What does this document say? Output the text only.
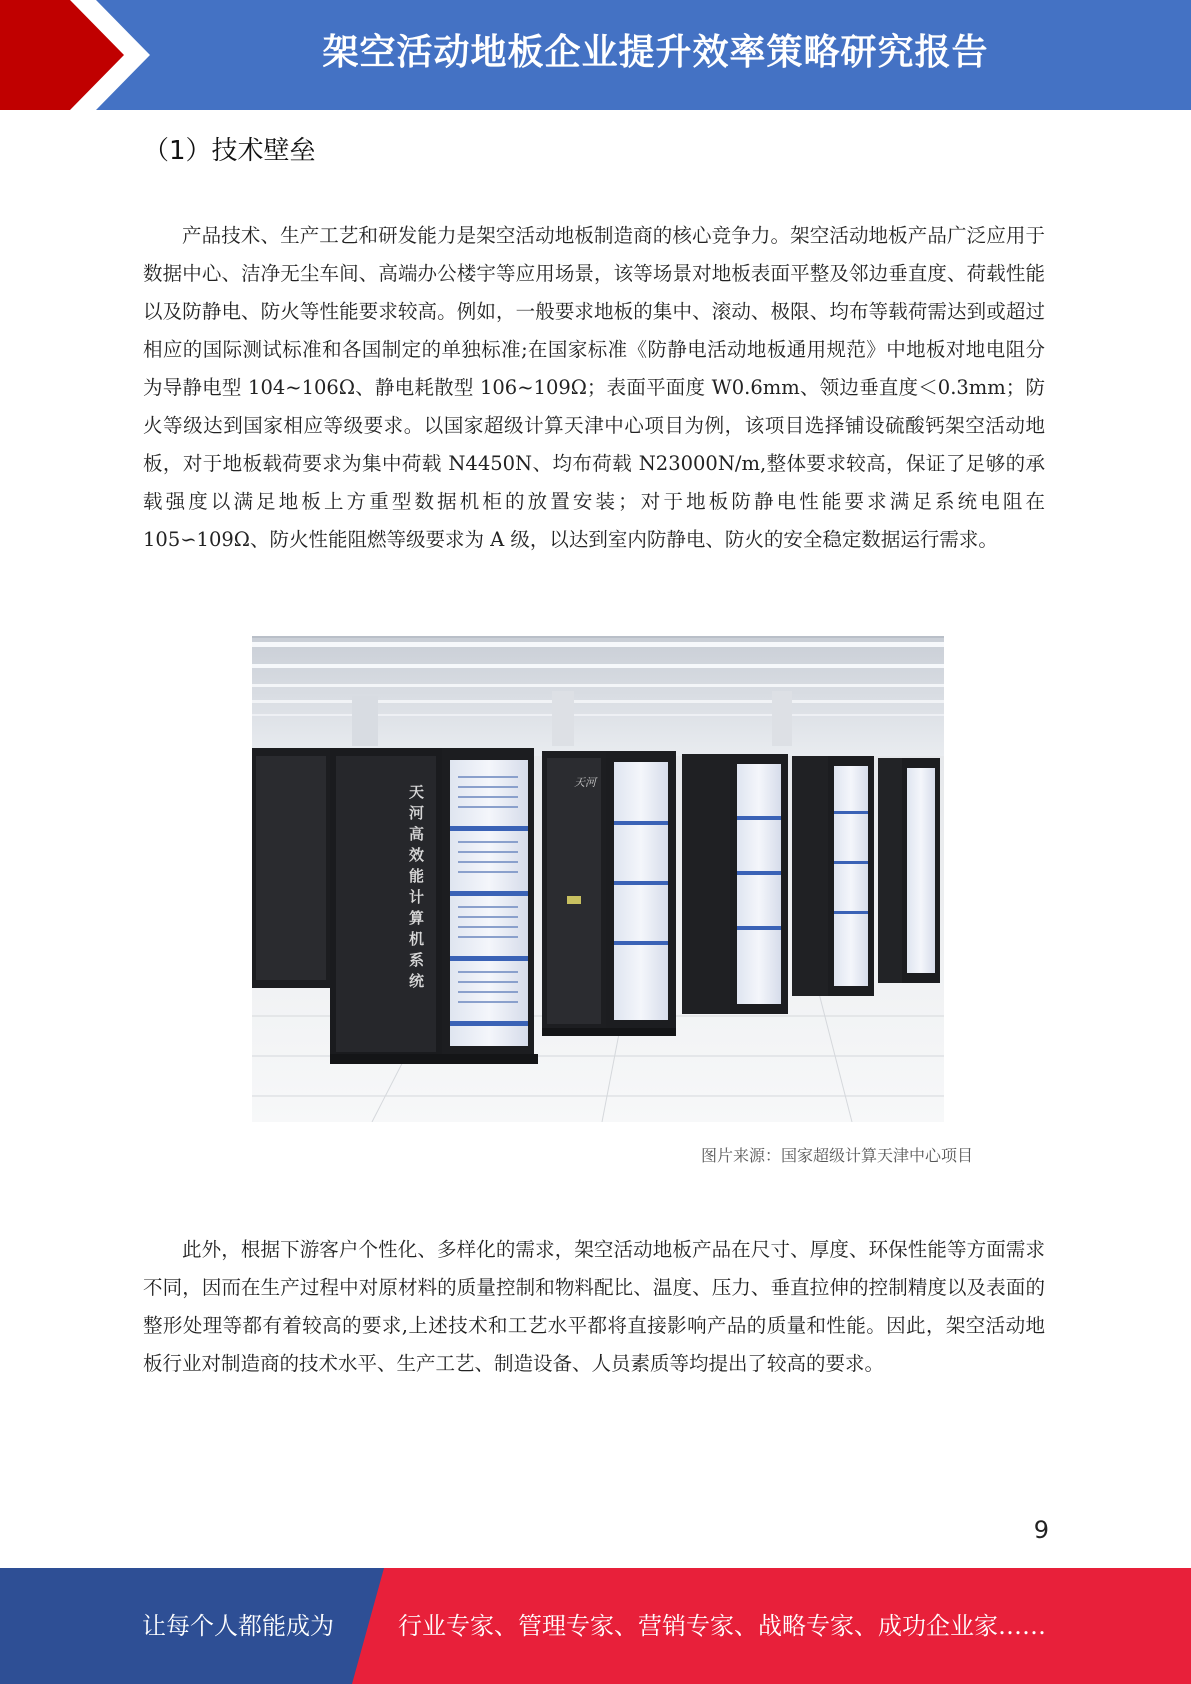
架空活动地板企业提升效率策略研究报告
（1）技术壁垒

产品技术、生产工艺和研发能力是架空活动地板制造商的核心竞争力。架空活动地板产品广泛应用于数据中心、洁净无尘车间、高端办公楼宇等应用场景，该等场景对地板表面平整及邻边垂直度、荷载性能以及防静电、防火等性能要求较高。例如，一般要求地板的集中、滚动、极限、均布等载荷需达到或超过相应的国际测试标准和各国制定的单独标准;在国家标准《防静电活动地板通用规范》中地板对地电阻分为导静电型 104~106Ω、静电耗散型 106~109Ω；表面平面度 W0.6mm、领边垂直度＜0.3mm；防火等级达到国家相应等级要求。以国家超级计算天津中心项目为例，该项目选择铺设硫酸钙架空活动地板，对于地板载荷要求为集中荷载 N4450N、均布荷载 N23000N/m,整体要求较高，保证了足够的承载强度以满足地板上方重型数据机柜的放置安装；对于地板防静电性能要求满足系统电阻在 105∽109Ω、防火性能阻燃等级要求为 A 级，以达到室内防静电、防火的安全稳定数据运行需求。

天河高效能计算机系统
天河
图片来源：国家超级计算天津中心项目

此外，根据下游客户个性化、多样化的需求，架空活动地板产品在尺寸、厚度、环保性能等方面需求不同，因而在生产过程中对原材料的质量控制和物料配比、温度、压力、垂直拉伸的控制精度以及表面的整形处理等都有着较高的要求,上述技术和工艺水平都将直接影响产品的质量和性能。因此，架空活动地板行业对制造商的技术水平、生产工艺、制造设备、人员素质等均提出了较高的要求。

9
让每个人都能成为	行业专家、管理专家、营销专家、战略专家、成功企业家……
